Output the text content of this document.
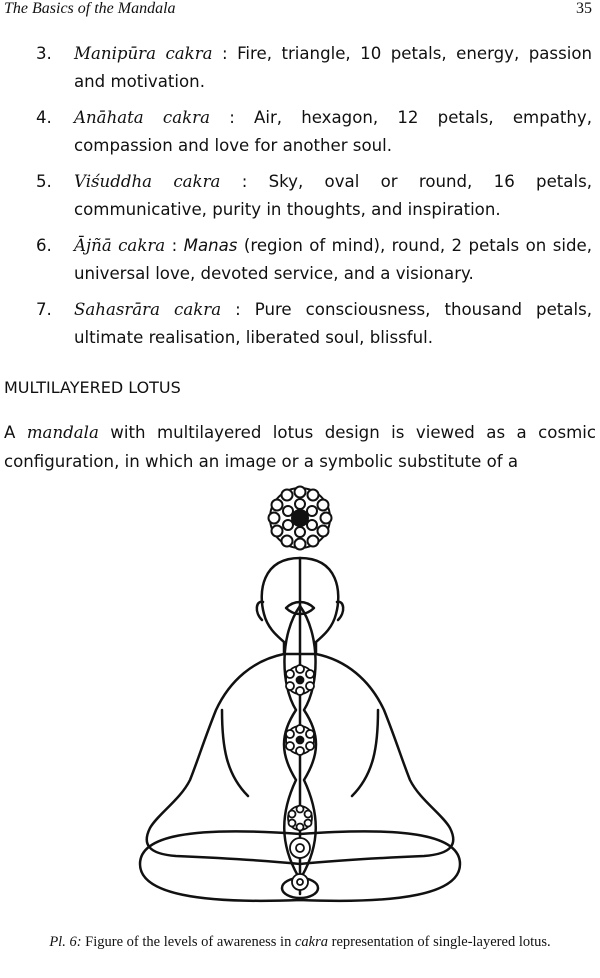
The Basics of the Mandala	35
3. Manipūra cakra : Fire, triangle, 10 petals, energy, passion and motivation.
4. Anāhata cakra : Air, hexagon, 12 petals, empathy, compassion and love for another soul.
5. Viśuddha cakra : Sky, oval or round, 16 petals, communicative, purity in thoughts, and inspiration.
6. Ājñā cakra : Manas (region of mind), round, 2 petals on side, universal love, devoted service, and a visionary.
7. Sahasrāra cakra : Pure consciousness, thousand petals, ultimate realisation, liberated soul, blissful.
MULTILAYERED LOTUS

A mandala with multilayered lotus design is viewed as a cosmic configuration, in which an image or a symbolic substitute of a

Pl. 6: Figure of the levels of awareness in cakra representation of single-layered lotus.
